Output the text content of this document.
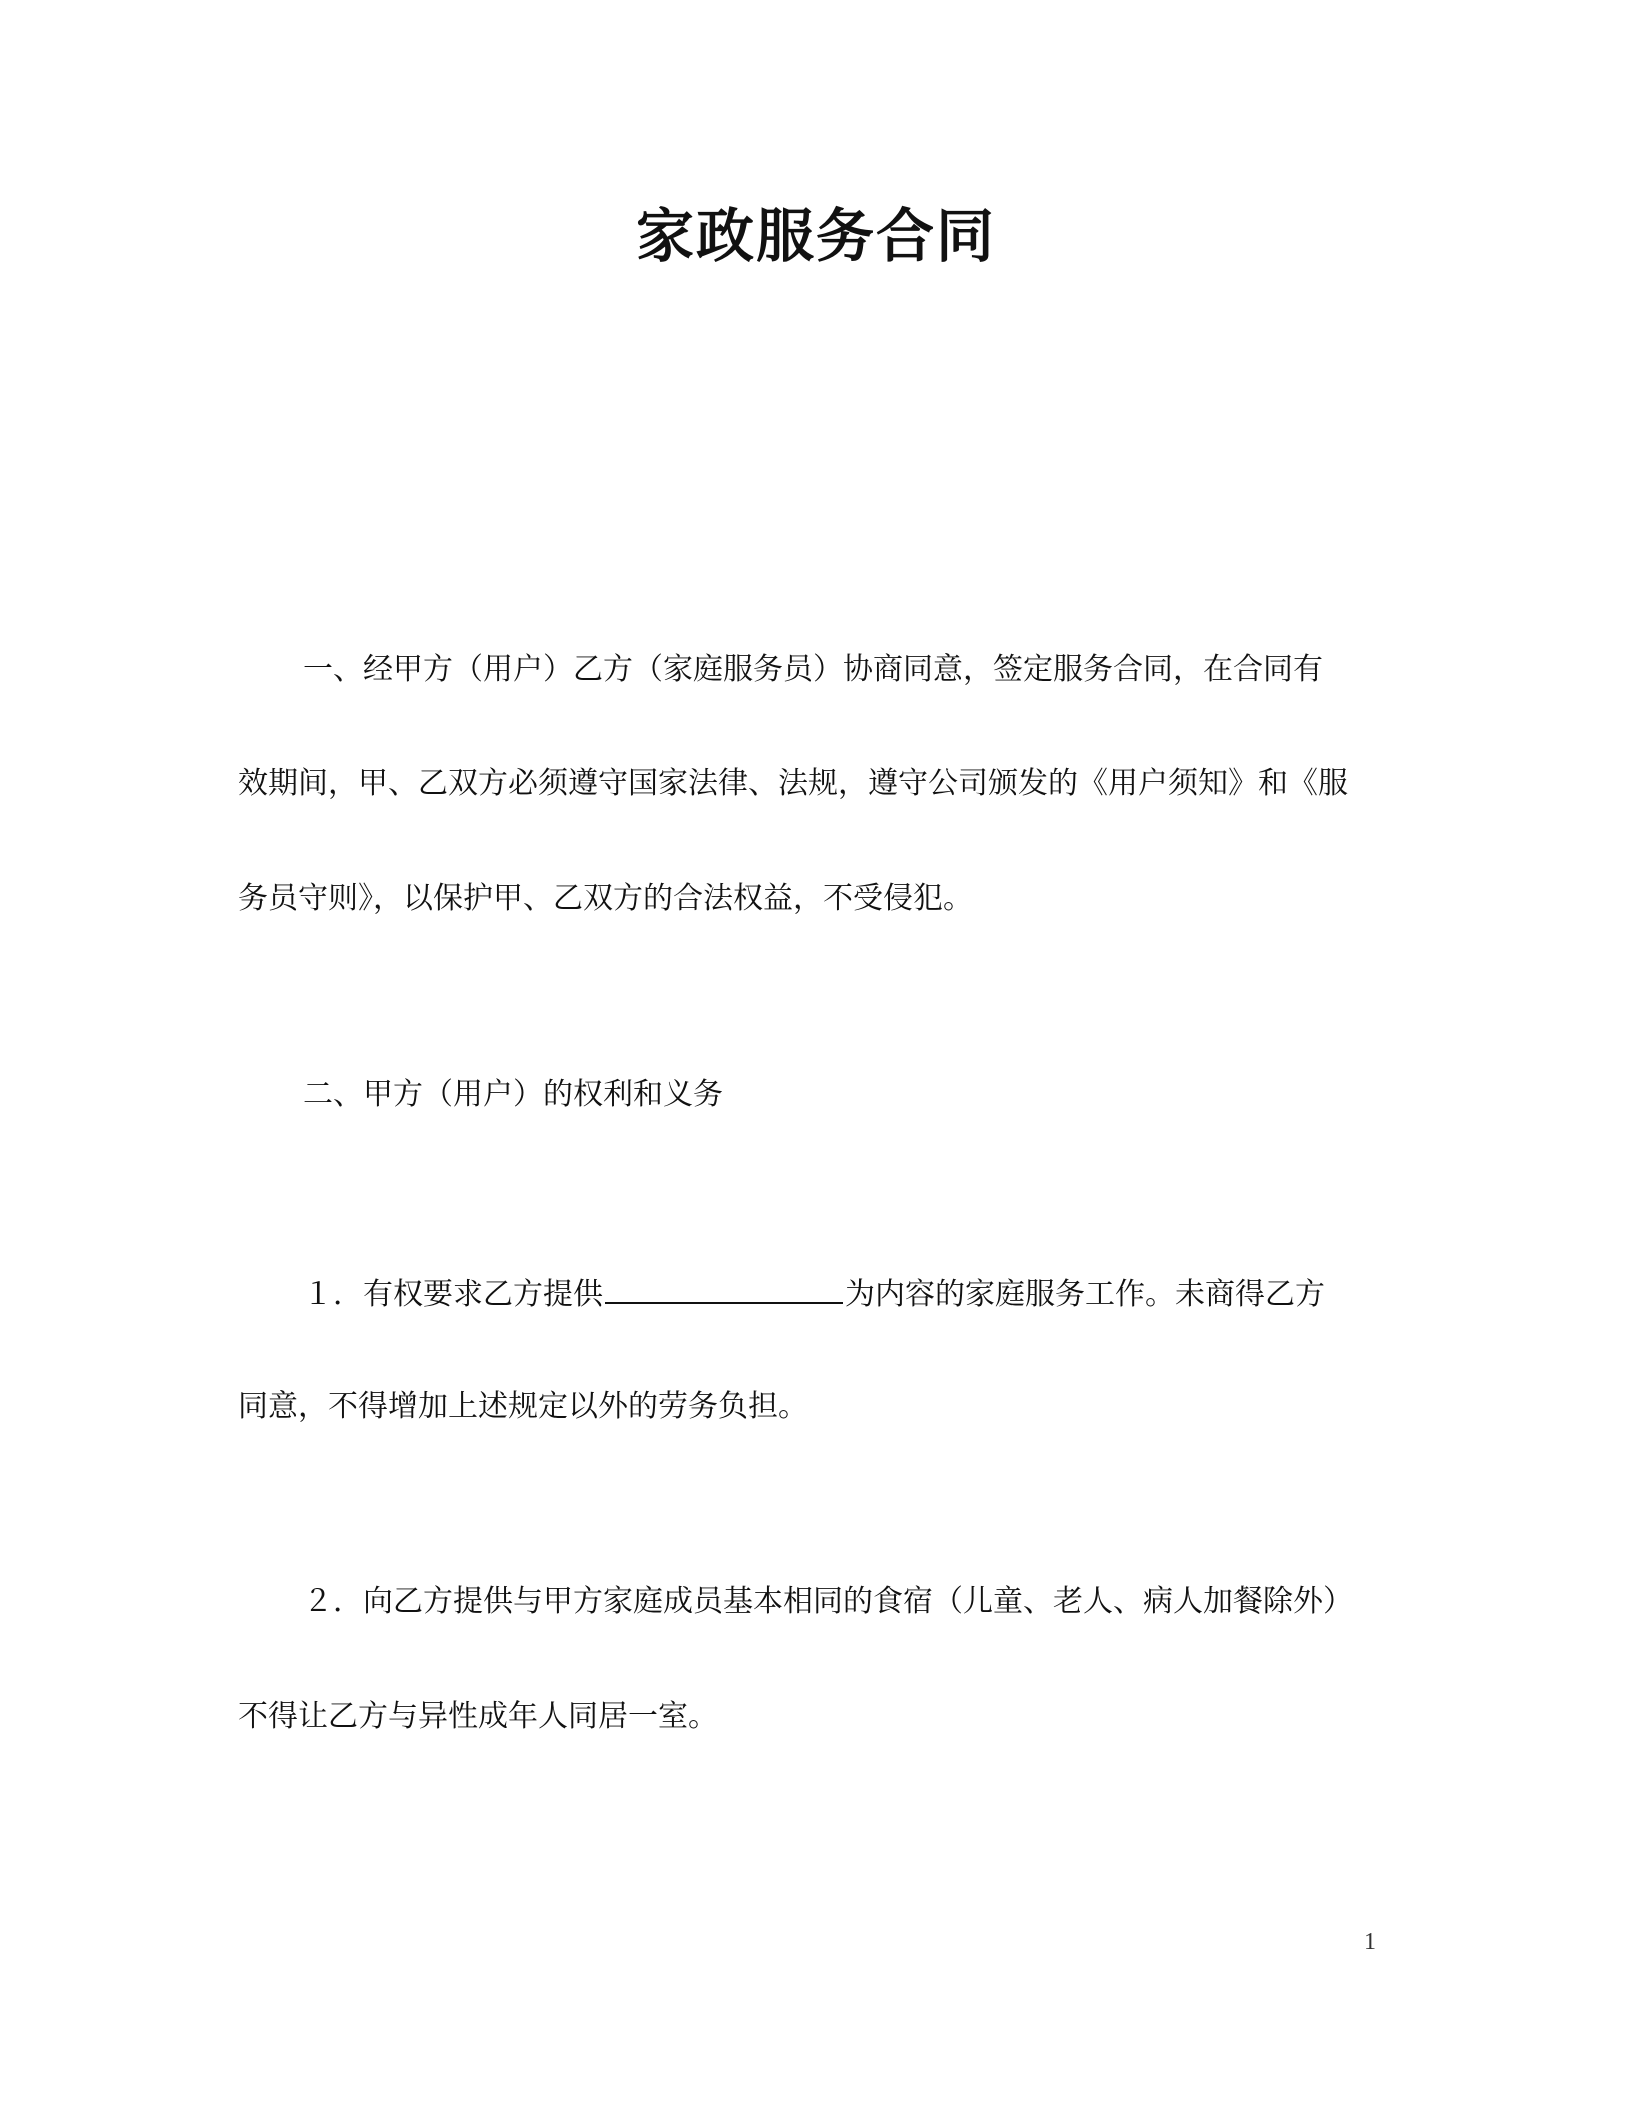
家政服务合同

一、经甲方（用户）乙方（家庭服务员）协商同意，签定服务合同，在合同有

效期间，甲、乙双方必须遵守国家法律、法规，遵守公司颁发的《用户须知》和《服

务员守则》，以保护甲、乙双方的合法权益，不受侵犯。

二、甲方（用户）的权利和义务

１．有权要求乙方提供	为内容的家庭服务工作。未商得乙方

同意，不得增加上述规定以外的劳务负担。

２．向乙方提供与甲方家庭成员基本相同的食宿（儿童、老人、病人加餐除外）

不得让乙方与异性成年人同居一室。

1
